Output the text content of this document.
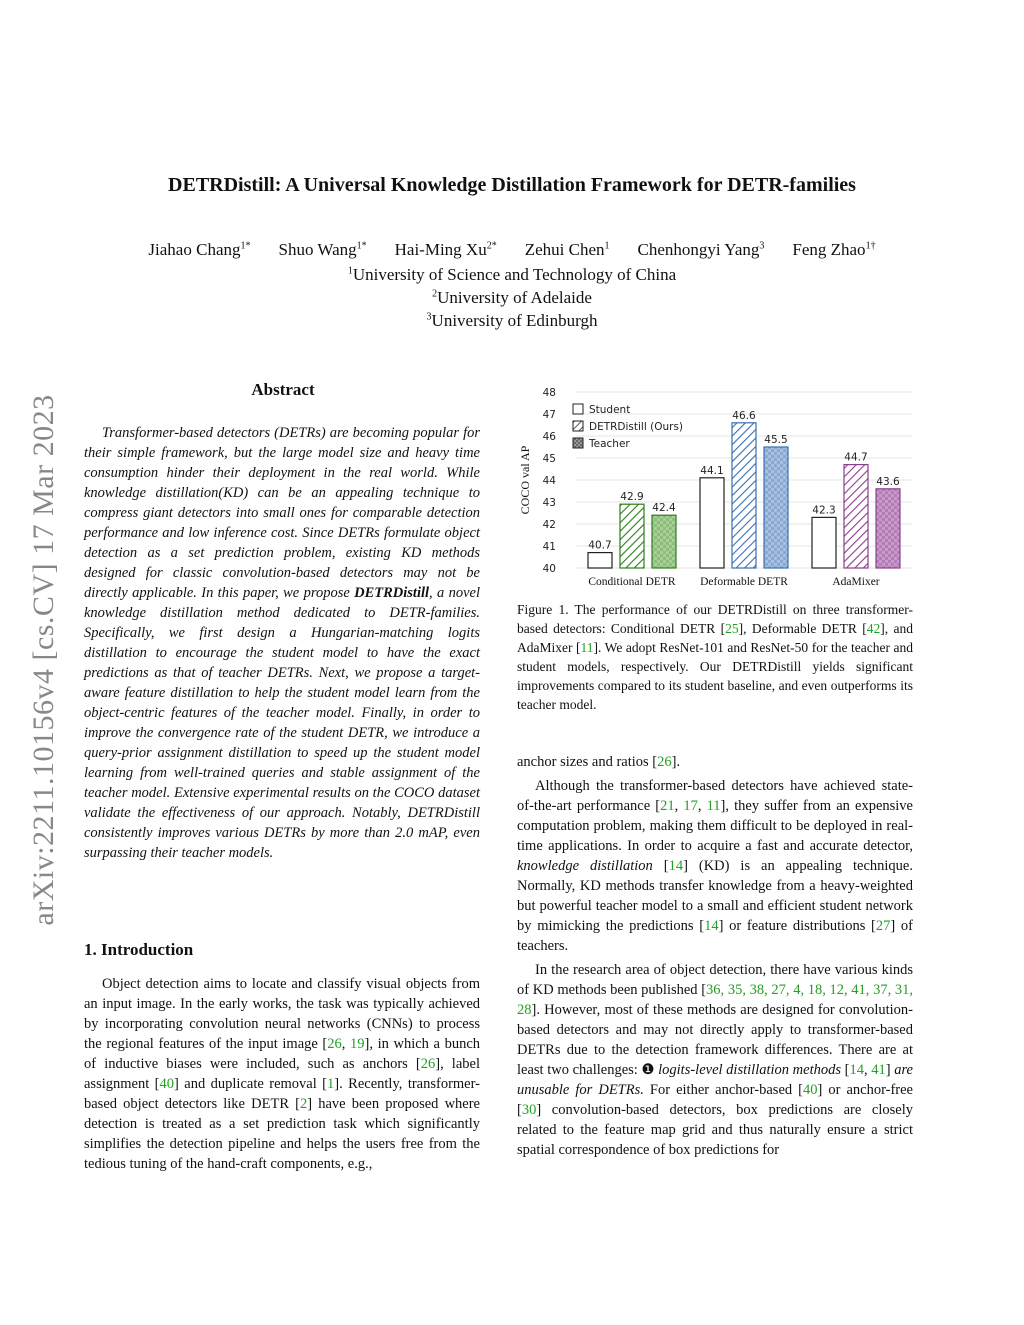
arXiv:2211.10156v4 [cs.CV] 17 Mar 2023
DETRDistill: A Universal Knowledge Distillation Framework for DETR-families
Jiahao Chang$^{1*}$ Shuo Wang$^{1*}$ Hai-Ming $Xu^{2*}$ Zehui Chen$^1$ Chenhongyi Yang$^3$ Feng Zhao$^{1\dagger}$
$^1$University of Science and Technology of China
$^2$University of Adelaide
$^3$University of Edinburgh
Abstract

Transformer-based detectors (DETRs) are becoming popular for their simple framework, but the large model size and heavy time consumption hinder their deployment in the real world. While knowledge distillation(KD) can be an appealing technique to compress giant detectors into small ones for comparable detection performance and low inference cost. Since DETRs formulate object detection as a set prediction problem, existing KD methods designed for classic convolution-based detectors may not be directly applicable. In this paper, we propose DETRDistill, a novel knowledge distillation method dedicated to DETR-families. Specifically, we first design a Hungarian-matching logits distillation to encourage the student model to have the exact predictions as that of teacher DETRs. Next, we propose a target-aware feature distillation to help the student model learn from the object-centric features of the teacher model. Finally, in order to improve the convergence rate of the student DETR, we introduce a query-prior assignment distillation to speed up the student model learning from well-trained queries and stable assignment of the teacher model. Extensive experimental results on the COCO dataset validate the effectiveness of our approach. Notably, DETRDistill consistently improves various DETRs by more than 2.0 mAP, even surpassing their teacher models.

1. Introduction

Object detection aims to locate and classify visual objects from an input image. In the early works, the task was typically achieved by incorporating convolution neural networks (CNNs) to process the regional features of the input image [26, 19], in which a bunch of inductive biases were included, such as anchors [26], label assignment [40] and duplicate removal [1]. Recently, transformer-based object detectors like DETR [2] have been proposed where detection is treated as a set prediction task which significantly simplifies the detection pipeline and helps the users free from the tedious tuning of the hand-craft components, e.g.,

COCO val AP
40
41
42
43
44
45
46
47
48
40.7
42.9
42.4
44.1
46.6
45.5
42.3
44.7
43.6
Conditional DETR Deformable DETR	AdaMixer
Student
DETRDistill (Ours)
Teacher

Figure 1. The performance of our DETRDistill on three transformer-based detectors: Conditional DETR [25], Deformable DETR [42], and AdaMixer [11]. We adopt ResNet-101 and ResNet-50 for the teacher and student models, respectively. Our DETRDistill yields significant improvements compared to its student baseline, and even outperforms its teacher model.

anchor sizes and ratios [26].

Although the transformer-based detectors have achieved state-of-the-art performance [21, 17, 11], they suffer from an expensive computation problem, making them difficult to be deployed in real-time applications. In order to acquire a fast and accurate detector, knowledge distillation [14] (KD) is an appealing technique. Normally, KD methods transfer knowledge from a heavy-weighted but powerful teacher model to a small and efficient student network by mimicking the predictions [14] or feature distributions [27] of teachers.

In the research area of object detection, there have various kinds of KD methods been published [36, 35, 38, 27, 4, 18, 12, 41, 37, 31, 28]. However, most of these methods are designed for convolution-based detectors and may not directly apply to transformer-based DETRs due to the detection framework differences. There are at least two challenges: ❶ logits-level distillation methods [14, 41] are unusable for DETRs. For either anchor-based [40] or anchor-free [30] convolution-based detectors, box predictions are closely related to the feature map grid and thus naturally ensure a strict spatial correspondence of box predictions for
